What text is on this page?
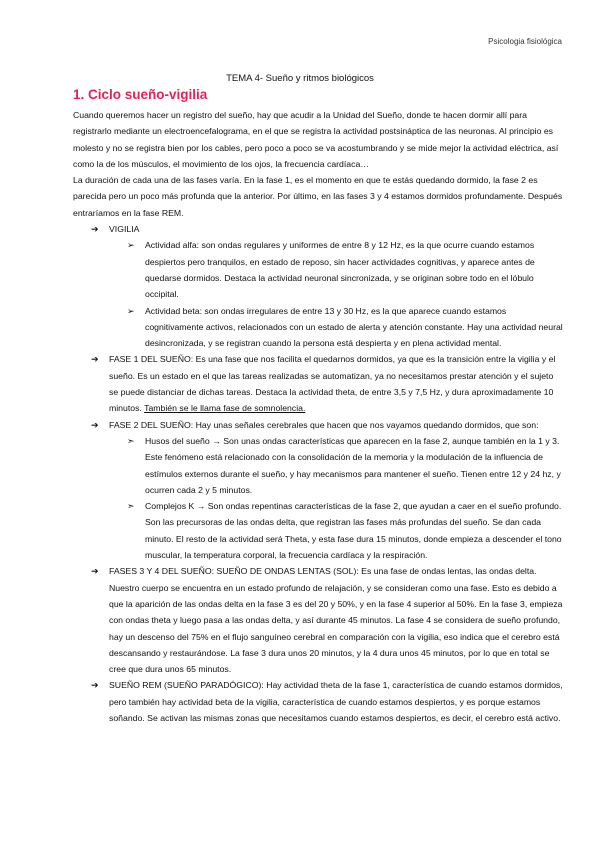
Psicologia fisiológica
TEMA 4- Sueño y ritmos biológicos
1. Ciclo sueño-vigilia

Cuando queremos hacer un registro del sueño, hay que acudir a la Unidad del Sueño, donde te hacen dormir allí para registrarlo mediante un electroencefalograma, en el que se registra la actividad postsináptica de las neuronas. Al principio es molesto y no se registra bien por los cables, pero poco a poco se va acostumbrando y se mide mejor la actividad eléctrica, así como la de los músculos, el movimiento de los ojos, la frecuencia cardíaca…

La duración de cada una de las fases varía. En la fase 1, es el momento en que te estás quedando dormido, la fase 2 es parecida pero un poco más profunda que la anterior. Por último, en las fases 3 y 4 estamos dormidos profundamente. Después entraríamos en la fase REM.

➔ VIGILIA
➢ Actividad alfa: son ondas regulares y uniformes de entre 8 y 12 Hz, es la que ocurre cuando estamos despiertos pero tranquilos, en estado de reposo, sin hacer actividades cognitivas, y aparece antes de quedarse dormidos. Destaca la actividad neuronal sincronizada, y se originan sobre todo en el lóbulo occipital.
➢ Actividad beta: son ondas irregulares de entre 13 y 30 Hz, es la que aparece cuando estamos cognitivamente activos, relacionados con un estado de alerta y atención constante. Hay una actividad neural desincronizada, y se registran cuando la persona está despierta y en plena actividad mental.
➔ FASE 1 DEL SUEÑO: Es una fase que nos facilita el quedarnos dormidos, ya que es la transición entre la vigilia y el sueño. Es un estado en el que las tareas realizadas se automatizan, ya no necesitamos prestar atención y el sujeto se puede distanciar de dichas tareas. Destaca la actividad theta, de entre 3,5 y 7,5 Hz, y dura aproximadamente 10 minutos. También se le llama fase de somnolencia.
➔ FASE 2 DEL SUEÑO: Hay unas señales cerebrales que hacen que nos vayamos quedando dormidos, que son:
➣ Husos del sueño → Son unas ondas características que aparecen en la fase 2, aunque también en la 1 y 3. Este fenómeno está relacionado con la consolidación de la memoria y la modulación de la influencia de estímulos externos durante el sueño, y hay mecanismos para mantener el sueño. Tienen entre 12 y 24 hz, y ocurren cada 2 y 5 minutos.
➣ Complejos K → Son ondas repentinas características de la fase 2, que ayudan a caer en el sueño profundo. Son las precursoras de las ondas delta, que registran las fases más profundas del sueño. Se dan cada minuto. El resto de la actividad será Theta, y esta fase dura 15 minutos, donde empieza a descender el tono muscular, la temperatura corporal, la frecuencia cardíaca y la respiración.
➔ FASES 3 Y 4 DEL SUEÑO: SUEÑO DE ONDAS LENTAS (SOL): Es una fase de ondas lentas, las ondas delta. Nuestro cuerpo se encuentra en un estado profundo de relajación, y se consideran como una fase. Esto es debido a que la aparición de las ondas delta en la fase 3 es del 20 y 50%, y en la fase 4 superior al 50%. En la fase 3, empieza con ondas theta y luego pasa a las ondas delta, y así durante 45 minutos. La fase 4 se considera de sueño profundo, hay un descenso del 75% en el flujo sanguíneo cerebral en comparación con la vigilia, eso indica que el cerebro está descansando y restaurándose. La fase 3 dura unos 20 minutos, y la 4 dura unos 45 minutos, por lo que en total se cree que dura unos 65 minutos.
➔ SUEÑO REM (SUEÑO PARADÓGICO): Hay actividad theta de la fase 1, característica de cuando estamos dormidos, pero también hay actividad beta de la vigilia, característica de cuando estamos despiertos, y es porque estamos soñando. Se activan las mismas zonas que necesitamos cuando estamos despiertos, es decir, el cerebro está activo.
